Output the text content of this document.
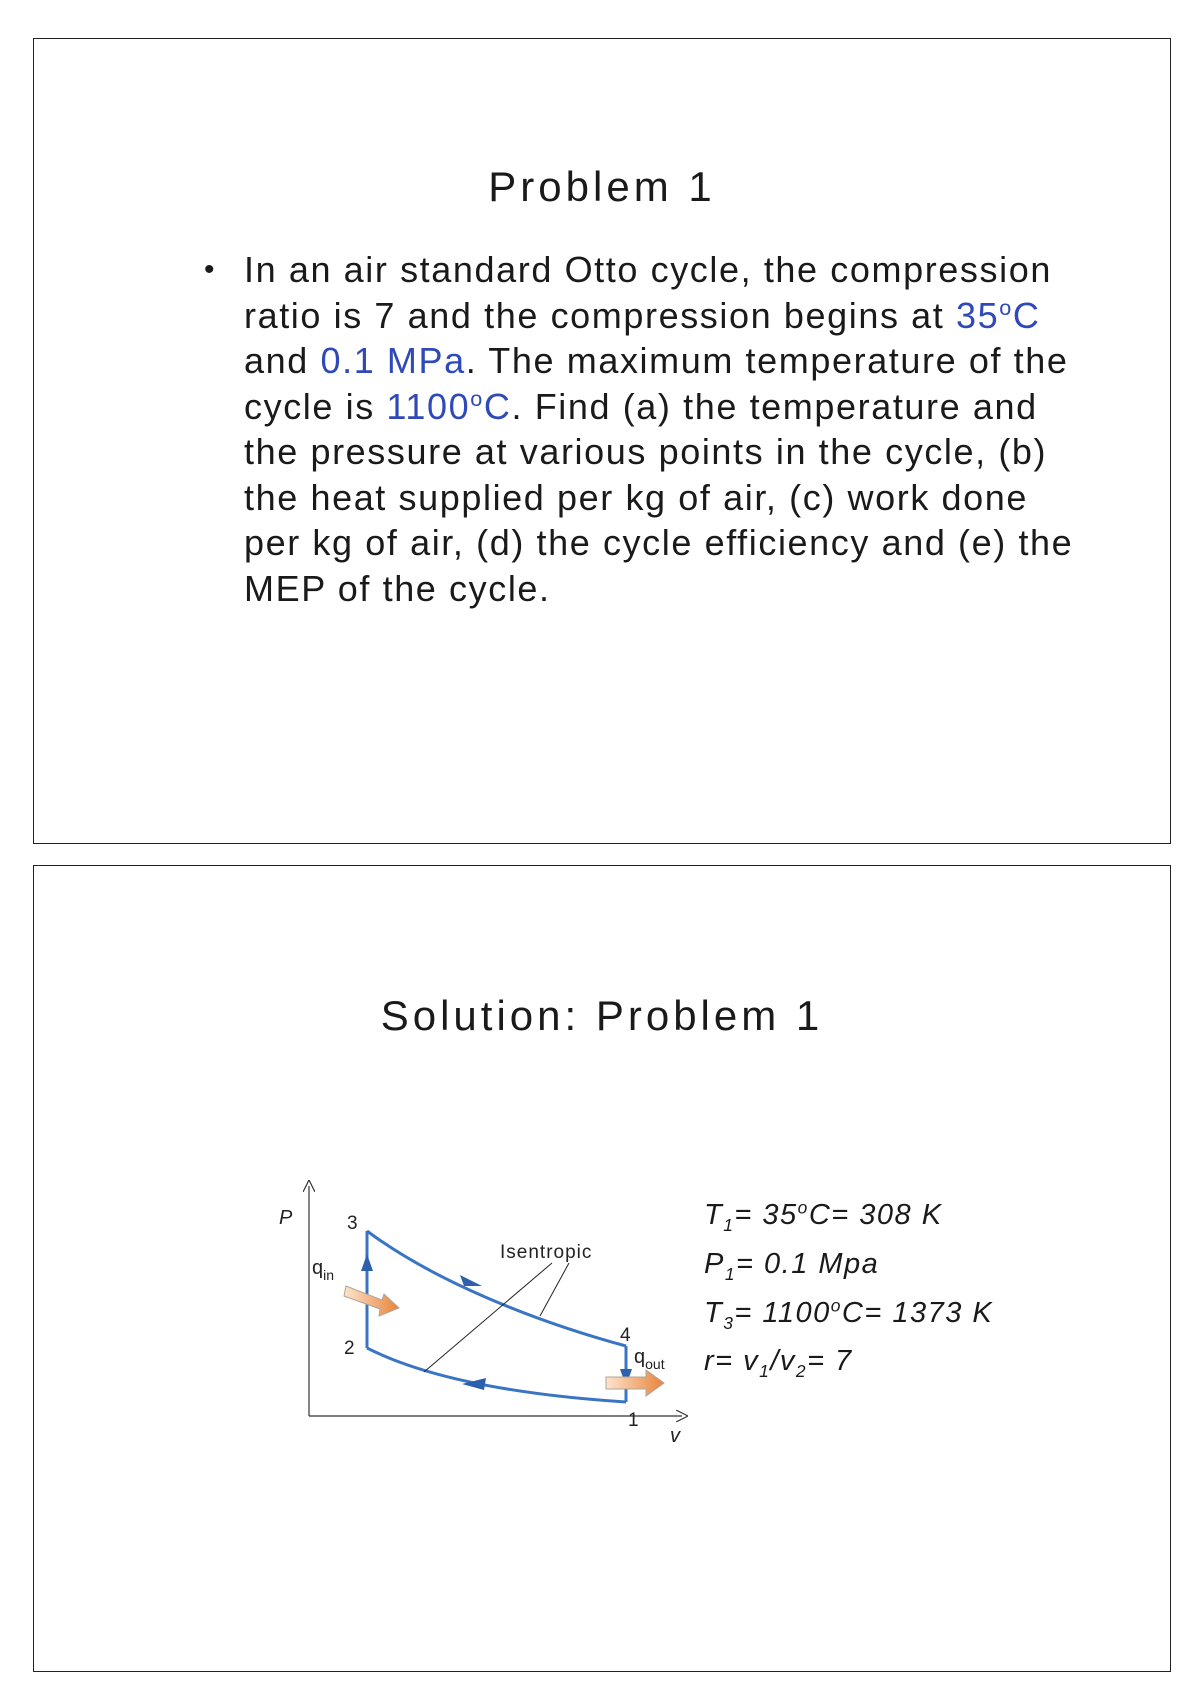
Problem 1
• In an air standard Otto cycle, the compression ratio is 7 and the compression begins at 35$^o$C and 0.1 MPa. The maximum temperature of the cycle is 1100$^o$C. Find (a) the temperature and the pressure at various points in the cycle, (b) the heat supplied per kg of air, (c) work done per kg of air, (d) the cycle efficiency and (e) the MEP of the cycle.
Solution: Problem 1
P
v
Isentropic
3
2
4
1
$q_{in}$
$q_{out}$
$T_1= 35^oC= 308$ K
$P_1= 0.1$ Mpa
$T_3= 1100^oC= 1373$ K
$r= v_1/v_2= 7$
